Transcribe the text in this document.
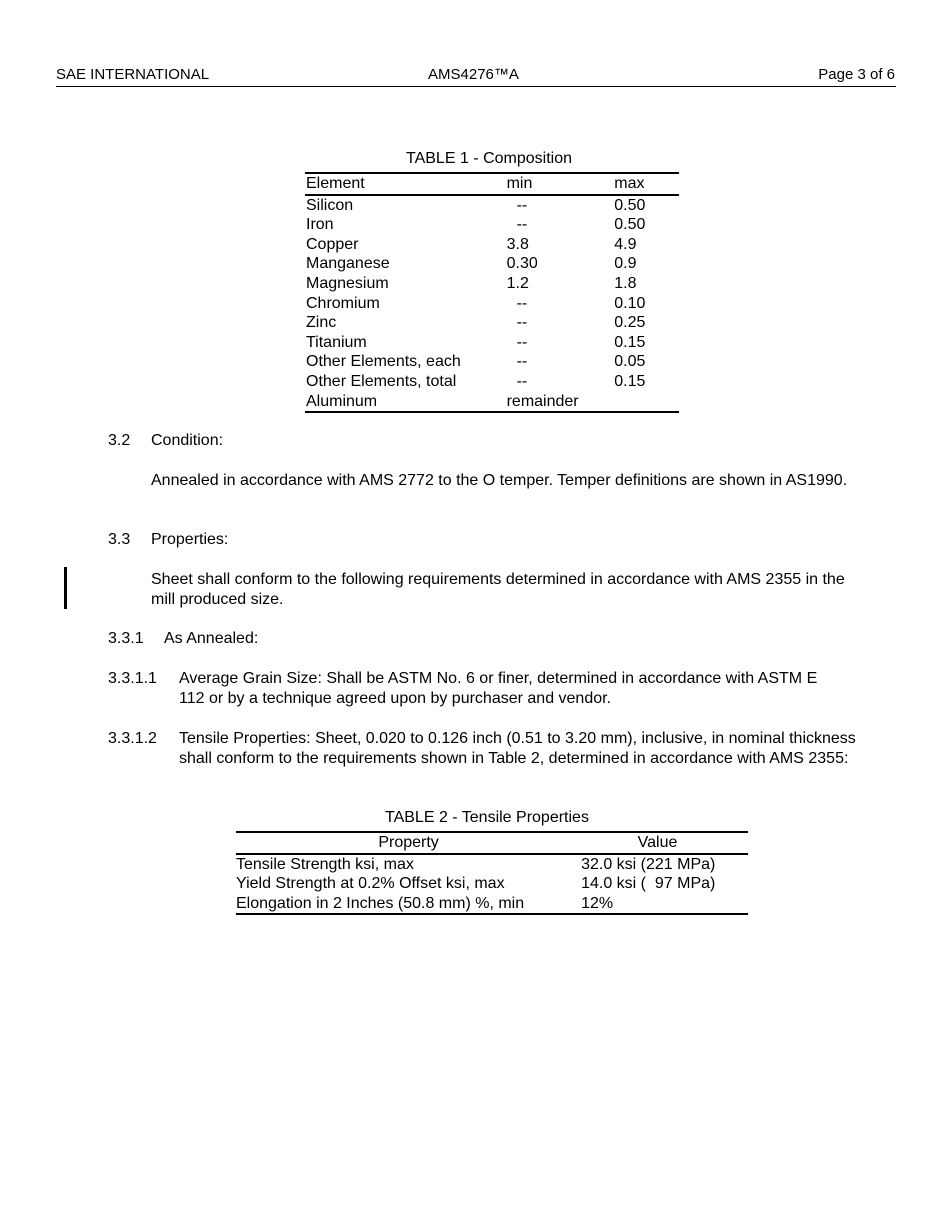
SAE INTERNATIONAL	AMS4276™A	Page 3 of 6
TABLE 1 - Composition
Element	min	max
Silicon	--	0.50
Iron	--	0.50
Copper	3.8	4.9
Manganese	0.30	0.9
Magnesium	1.2	1.8
Chromium	--	0.10
Zinc	--	0.25
Titanium	--	0.15
Other Elements, each	--	0.05
Other Elements, total	--	0.15
Aluminum	remainder	
3.2 Condition:
Annealed in accordance with AMS 2772 to the O temper. Temper definitions are shown in AS1990.
3.3 Properties:
Sheet shall conform to the following requirements determined in accordance with AMS 2355 in the mill produced size.
3.3.1 As Annealed:
3.3.1.1 Average Grain Size: Shall be ASTM No. 6 or finer, determined in accordance with ASTM E 112 or by a technique agreed upon by purchaser and vendor.
3.3.1.2 Tensile Properties: Sheet, 0.020 to 0.126 inch (0.51 to 3.20 mm), inclusive, in nominal thickness shall conform to the requirements shown in Table 2, determined in accordance with AMS 2355:
TABLE 2 - Tensile Properties
Property	Value
Tensile Strength ksi, max	32.0 ksi (221 MPa)
Yield Strength at 0.2% Offset ksi, max	14.0 ksi (  97 MPa)
Elongation in 2 Inches (50.8 mm) %, min	12%
